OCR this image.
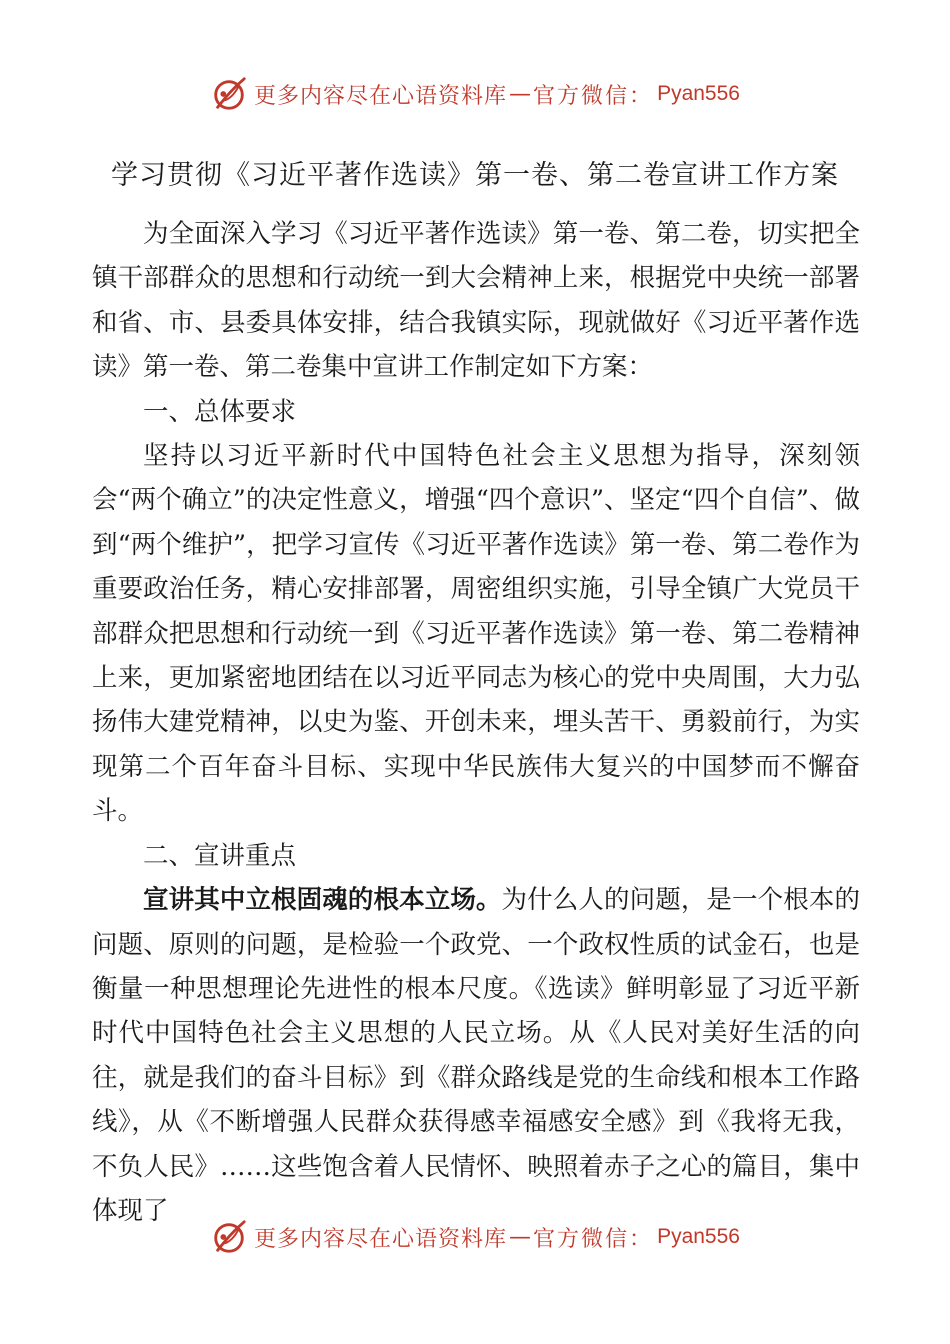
更多内容尽在心语资料库 — 官方微信： Pyan556
学习贯彻《习近平著作选读》第一卷、第二卷宣讲工作方案

为全面深入学习《习近平著作选读》第一卷、第二卷，切实把全镇干部群众的思想和行动统一到大会精神上来，根据党中央统一部署和省、市、县委具体安排，结合我镇实际，现就做好《习近平著作选读》第一卷、第二卷集中宣讲工作制定如下方案：

一、总体要求

坚持以习近平新时代中国特色社会主义思想为指导，深刻领会“两个确立”的决定性意义，增强“四个意识”、坚定“四个自信”、做到“两个维护”，把学习宣传《习近平著作选读》第一卷、第二卷作为重要政治任务，精心安排部署，周密组织实施，引导全镇广大党员干部群众把思想和行动统一到《习近平著作选读》第一卷、第二卷精神上来，更加紧密地团结在以习近平同志为核心的党中央周围，大力弘扬伟大建党精神，以史为鉴、开创未来，埋头苦干、勇毅前行，为实现第二个百年奋斗目标、实现中华民族伟大复兴的中国梦而不懈奋斗。

二、宣讲重点

宣讲其中立根固魂的根本立场。为什么人的问题，是一个根本的问题、原则的问题，是检验一个政党、一个政权性质的试金石，也是衡量一种思想理论先进性的根本尺度。《选读》鲜明彰显了习近平新时代中国特色社会主义思想的人民立场。从《人民对美好生活的向往，就是我们的奋斗目标》到《群众路线是党的生命线和根本工作路线》，从《不断增强人民群众获得感幸福感安全感》到《我将无我，不负人民》……这些饱含着人民情怀、映照着赤子之心的篇目，集中体现了

更多内容尽在心语资料库 — 官方微信： Pyan556
